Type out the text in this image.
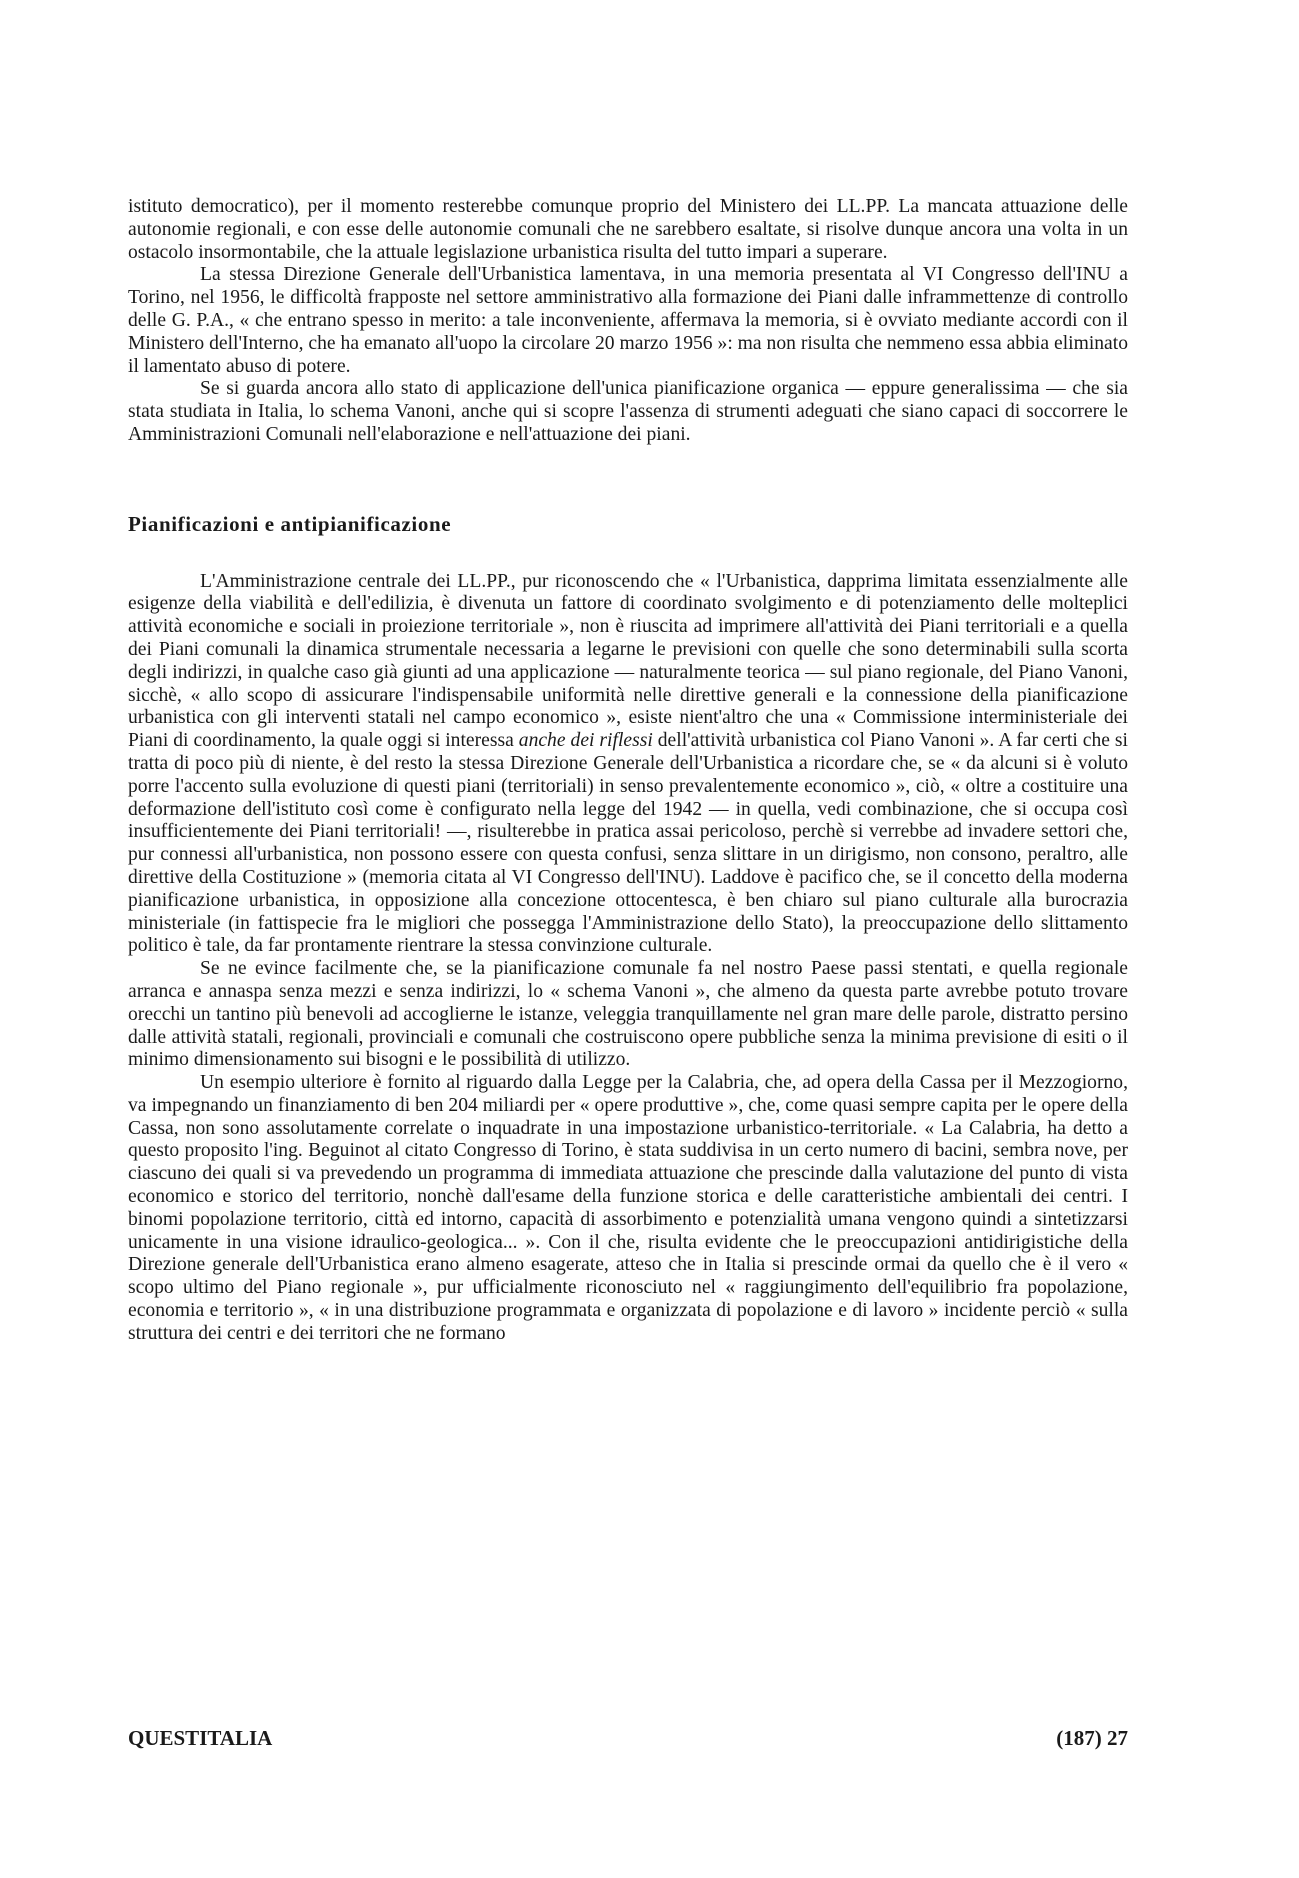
istituto democratico), per il momento resterebbe comunque proprio del Ministero dei LL.PP. La mancata attuazione delle autonomie regionali, e con esse delle autonomie comunali che ne sarebbero esaltate, si risolve dunque ancora una volta in un ostacolo insormontabile, che la attuale legislazione urbanistica risulta del tutto impari a superare.

La stessa Direzione Generale dell'Urbanistica lamentava, in una memoria presentata al VI Congresso dell'INU a Torino, nel 1956, le difficoltà frapposte nel settore amministrativo alla formazione dei Piani dalle inframmettenze di controllo delle G. P.A., « che entrano spesso in merito: a tale inconveniente, affermava la memoria, si è ovviato mediante accordi con il Ministero dell'Interno, che ha emanato all'uopo la circolare 20 marzo 1956 »: ma non risulta che nemmeno essa abbia eliminato il lamentato abuso di potere.

Se si guarda ancora allo stato di applicazione dell'unica pianificazione organica — eppure generalissima — che sia stata studiata in Italia, lo schema Vanoni, anche qui si scopre l'assenza di strumenti adeguati che siano capaci di soccorrere le Amministrazioni Comunali nell'elaborazione e nell'attuazione dei piani.

Pianificazioni e antipianificazione

L'Amministrazione centrale dei LL.PP., pur riconoscendo che « l'Urbanistica, dapprima limitata essenzialmente alle esigenze della viabilità e dell'edilizia, è divenuta un fattore di coordinato svolgimento e di potenziamento delle molteplici attività economiche e sociali in proiezione territoriale », non è riuscita ad imprimere all'attività dei Piani territoriali e a quella dei Piani comunali la dinamica strumentale necessaria a legarne le previsioni con quelle che sono determinabili sulla scorta degli indirizzi, in qualche caso già giunti ad una applicazione — naturalmente teorica — sul piano regionale, del Piano Vanoni, sicchè, « allo scopo di assicurare l'indispensabile uniformità nelle direttive generali e la connessione della pianificazione urbanistica con gli interventi statali nel campo economico », esiste nient'altro che una « Commissione interministeriale dei Piani di coordinamento, la quale oggi si interessa anche dei riflessi dell'attività urbanistica col Piano Vanoni ». A far certi che si tratta di poco più di niente, è del resto la stessa Direzione Generale dell'Urbanistica a ricordare che, se « da alcuni si è voluto porre l'accento sulla evoluzione di questi piani (territoriali) in senso prevalentemente economico », ciò, « oltre a costituire una deformazione dell'istituto così come è configurato nella legge del 1942 — in quella, vedi combinazione, che si occupa così insufficientemente dei Piani territoriali! —, risulterebbe in pratica assai pericoloso, perchè si verrebbe ad invadere settori che, pur connessi all'urbanistica, non possono essere con questa confusi, senza slittare in un dirigismo, non consono, peraltro, alle direttive della Costituzione » (memoria citata al VI Congresso dell'INU). Laddove è pacifico che, se il concetto della moderna pianificazione urbanistica, in opposizione alla concezione ottocentesca, è ben chiaro sul piano culturale alla burocrazia ministeriale (in fattispecie fra le migliori che possegga l'Amministrazione dello Stato), la preoccupazione dello slittamento politico è tale, da far prontamente rientrare la stessa convinzione culturale.

Se ne evince facilmente che, se la pianificazione comunale fa nel nostro Paese passi stentati, e quella regionale arranca e annaspa senza mezzi e senza indirizzi, lo « schema Vanoni », che almeno da questa parte avrebbe potuto trovare orecchi un tantino più benevoli ad accoglierne le istanze, veleggia tranquillamente nel gran mare delle parole, distratto persino dalle attività statali, regionali, provinciali e comunali che costruiscono opere pubbliche senza la minima previsione di esiti o il minimo dimensionamento sui bisogni e le possibilità di utilizzo.

Un esempio ulteriore è fornito al riguardo dalla Legge per la Calabria, che, ad opera della Cassa per il Mezzogiorno, va impegnando un finanziamento di ben 204 miliardi per « opere produttive », che, come quasi sempre capita per le opere della Cassa, non sono assolutamente correlate o inquadrate in una impostazione urbanistico-territoriale. « La Calabria, ha detto a questo proposito l'ing. Beguinot al citato Congresso di Torino, è stata suddivisa in un certo numero di bacini, sembra nove, per ciascuno dei quali si va prevedendo un programma di immediata attuazione che prescinde dalla valutazione del punto di vista economico e storico del territorio, nonchè dall'esame della funzione storica e delle caratteristiche ambientali dei centri. I binomi popolazione territorio, città ed intorno, capacità di assorbimento e potenzialità umana vengono quindi a sintetizzarsi unicamente in una visione idraulico-geologica... ». Con il che, risulta evidente che le preoccupazioni antidirigistiche della Direzione generale dell'Urbanistica erano almeno esagerate, atteso che in Italia si prescinde ormai da quello che è il vero « scopo ultimo del Piano regionale », pur ufficialmente riconosciuto nel « raggiungimento dell'equilibrio fra popolazione, economia e territorio », « in una distribuzione programmata e organizzata di popolazione e di lavoro » incidente perciò « sulla struttura dei centri e dei territori che ne formano

QUESTITALIA	(187) 27
